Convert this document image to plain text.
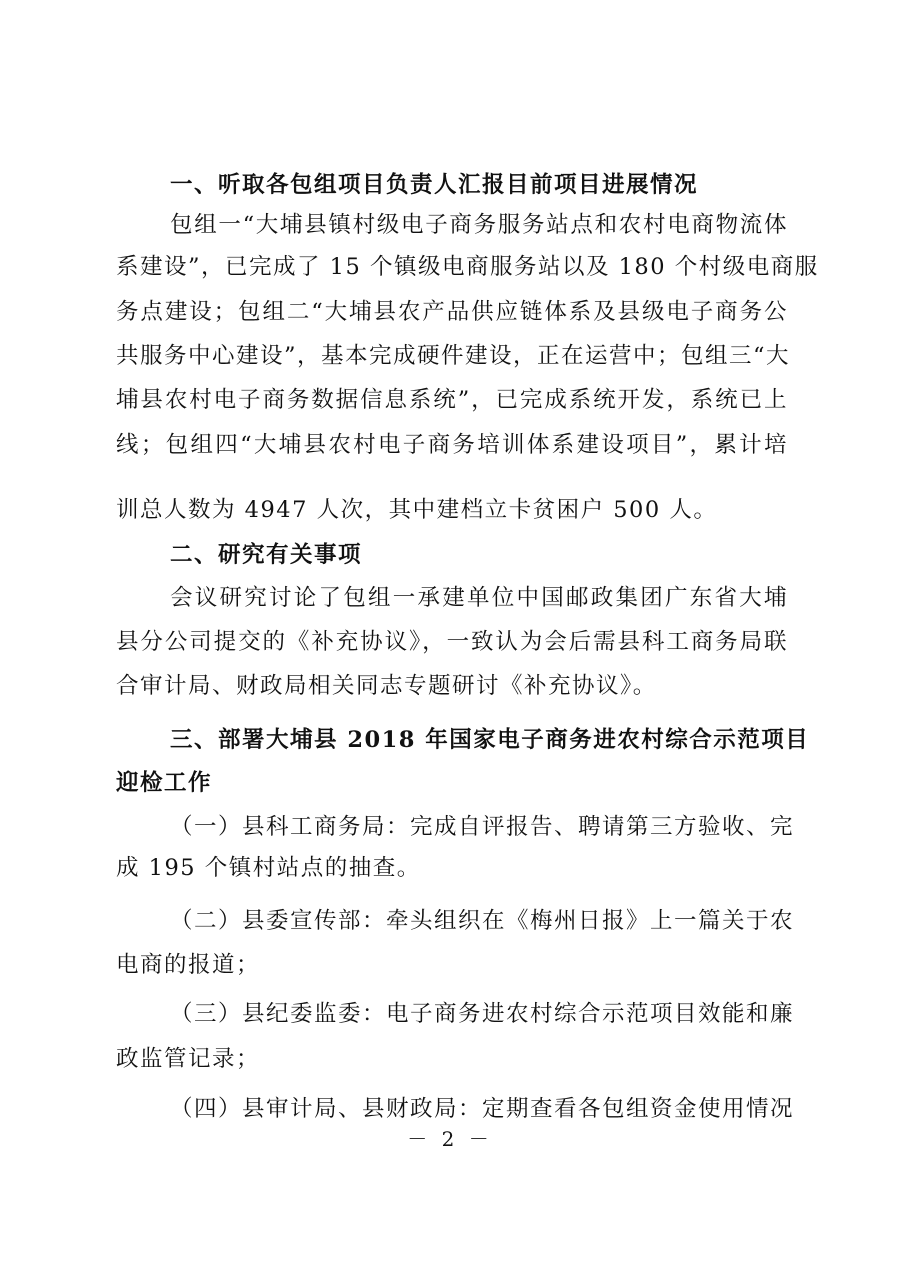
一、听取各包组项目负责人汇报目前项目进展情况
包组一“大埔县镇村级电子商务服务站点和农村电商物流体
系建设”，已完成了 15 个镇级电商服务站以及 180 个村级电商服
务点建设；包组二“大埔县农产品供应链体系及县级电子商务公
共服务中心建设”，基本完成硬件建设，正在运营中；包组三“大
埔县农村电子商务数据信息系统”，已完成系统开发，系统已上
线；包组四“大埔县农村电子商务培训体系建设项目”，累计培
训总人数为 4947 人次，其中建档立卡贫困户 500 人。
二、研究有关事项
会议研究讨论了包组一承建单位中国邮政集团广东省大埔
县分公司提交的《补充协议》，一致认为会后需县科工商务局联
合审计局、财政局相关同志专题研讨《补充协议》。
三、部署大埔县 2018 年国家电子商务进农村综合示范项目
迎检工作
（一）县科工商务局：完成自评报告、聘请第三方验收、完
成 195 个镇村站点的抽查。
（二）县委宣传部：牵头组织在《梅州日报》上一篇关于农
电商的报道；
（三）县纪委监委：电子商务进农村综合示范项目效能和廉
政监管记录；
（四）县审计局、县财政局：定期查看各包组资金使用情况
－ 2 －
